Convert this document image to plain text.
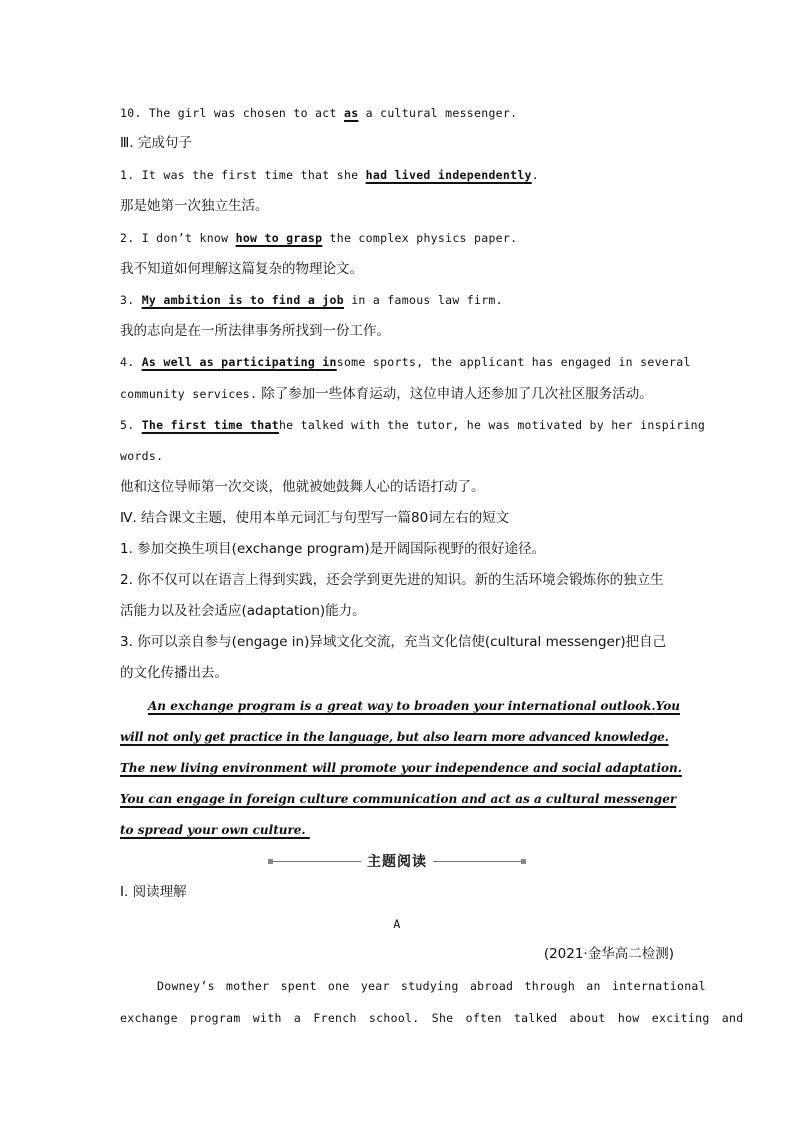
10. The girl was chosen to act as a cultural messenger.
Ⅲ. 完成句子
1. It was the first time that she had lived independently.
那是她第一次独立生活。
2. I don’t know how to grasp the complex physics paper.
我不知道如何理解这篇复杂的物理论文。
3. My ambition is to find a job in a famous law firm.
我的志向是在一所法律事务所找到一份工作。
4. As well as participating in some sports, the applicant has engaged in several
community services. 除了参加一些体育运动，这位申请人还参加了几次社区服务活动。
5. The first time that he talked with the tutor, he was motivated by her inspiring
words.
他和这位导师第一次交谈，他就被她鼓舞人心的话语打动了。
Ⅳ. 结合课文主题，使用本单元词汇与句型写一篇80词左右的短文
1. 参加交换生项目(exchange program)是开阔国际视野的很好途径。
2. 你不仅可以在语言上得到实践，还会学到更先进的知识。新的生活环境会锻炼你的独立生
活能力以及社会适应(adaptation)能力。
3. 你可以亲自参与(engage in)异域文化交流，充当文化信使(cultural messenger)把自己
的文化传播出去。
An exchange program is a great way to broaden your international outlook. You
will not only get practice in the language, but also learn more advanced knowledge.
The new living environment will promote your independence and social adaptation.
You can engage in foreign culture communication and act as a cultural messenger
to spread your own culture.

主题阅读
Ⅰ. 阅读理解
A
(2021·金华高二检测)
Downey’s mother spent one year studying abroad through an international
exchange program with a French school. She often talked about how exciting and
